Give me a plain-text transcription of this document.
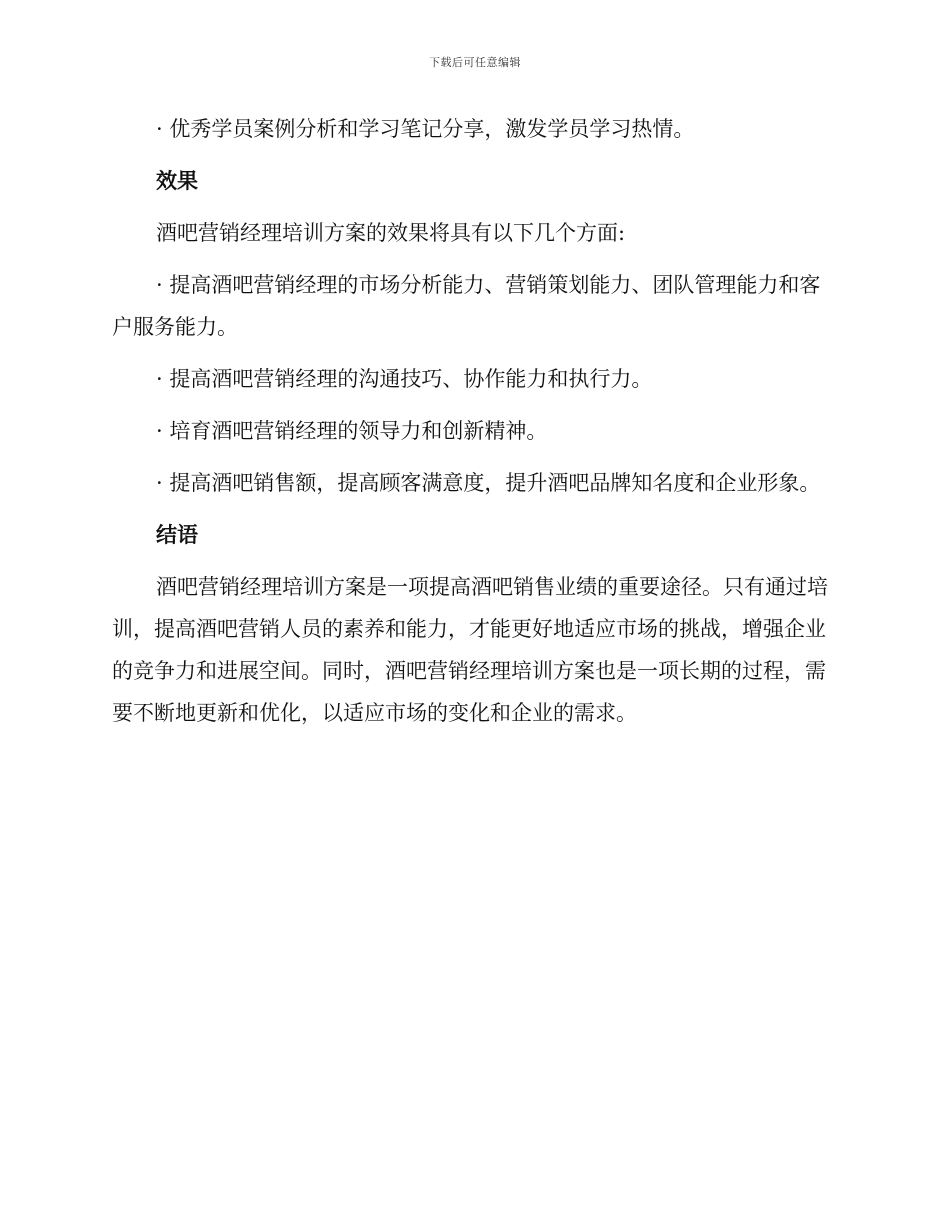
下载后可任意编辑

· 优秀学员案例分析和学习笔记分享，激发学员学习热情。

效果

酒吧营销经理培训方案的效果将具有以下几个方面:

· 提高酒吧营销经理的市场分析能力、营销策划能力、团队管理能力和客户服务能力。

· 提高酒吧营销经理的沟通技巧、协作能力和执行力。

· 培育酒吧营销经理的领导力和创新精神。

· 提高酒吧销售额，提高顾客满意度，提升酒吧品牌知名度和企业形象。

结语

酒吧营销经理培训方案是一项提高酒吧销售业绩的重要途径。只有通过培训，提高酒吧营销人员的素养和能力，才能更好地适应市场的挑战，增强企业的竞争力和进展空间。同时，酒吧营销经理培训方案也是一项长期的过程，需要不断地更新和优化，以适应市场的变化和企业的需求。
